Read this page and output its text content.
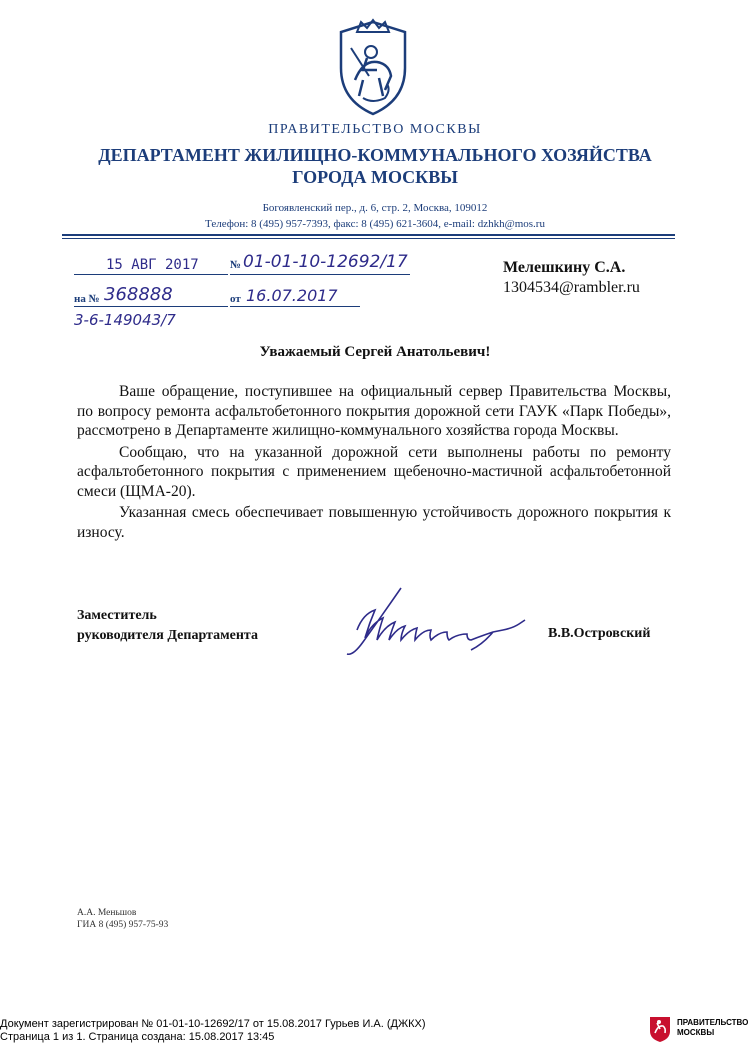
ПРАВИТЕЛЬСТВО МОСКВЫ
ДЕПАРТАМЕНТ ЖИЛИЩНО-КОММУНАЛЬНОГО ХОЗЯЙСТВА
ГОРОДА МОСКВЫ
Богоявленский пер., д. 6, стр. 2, Москва, 109012
Телефон: 8 (495) 957-7393, факс: 8 (495) 621-3604, e-mail: dzhkh@mos.ru
15 АВГ 2017	№ 01-01-10-12692/17
на № 368888	от 16.07.2017
3-6-149043/7
Мелешкину С.А.
1304534@rambler.ru
Уважаемый Сергей Анатольевич!

Ваше обращение, поступившее на официальный сервер Правительства Москвы, по вопросу ремонта асфальтобетонного покрытия дорожной сети ГАУК «Парк Победы», рассмотрено в Департаменте жилищно-коммунального хозяйства города Москвы.

Сообщаю, что на указанной дорожной сети выполнены работы по ремонту асфальтобетонного покрытия с применением щебеночно-мастичной асфальтобетонной смеси (ЩМА-20).

Указанная смесь обеспечивает повышенную устойчивость дорожного покрытия к износу.

Заместитель
руководителя Департамента	В.В.Островский
А.А. Меньшов
ГИА 8 (495) 957-75-93
Документ зарегистрирован № 01-01-10-12692/17 от 15.08.2017 Гурьев И.А. (ДЖКХ)
Страница 1 из 1. Страница создана: 15.08.2017 13:45
ПРАВИТЕЛЬСТВО
МОСКВЫ
